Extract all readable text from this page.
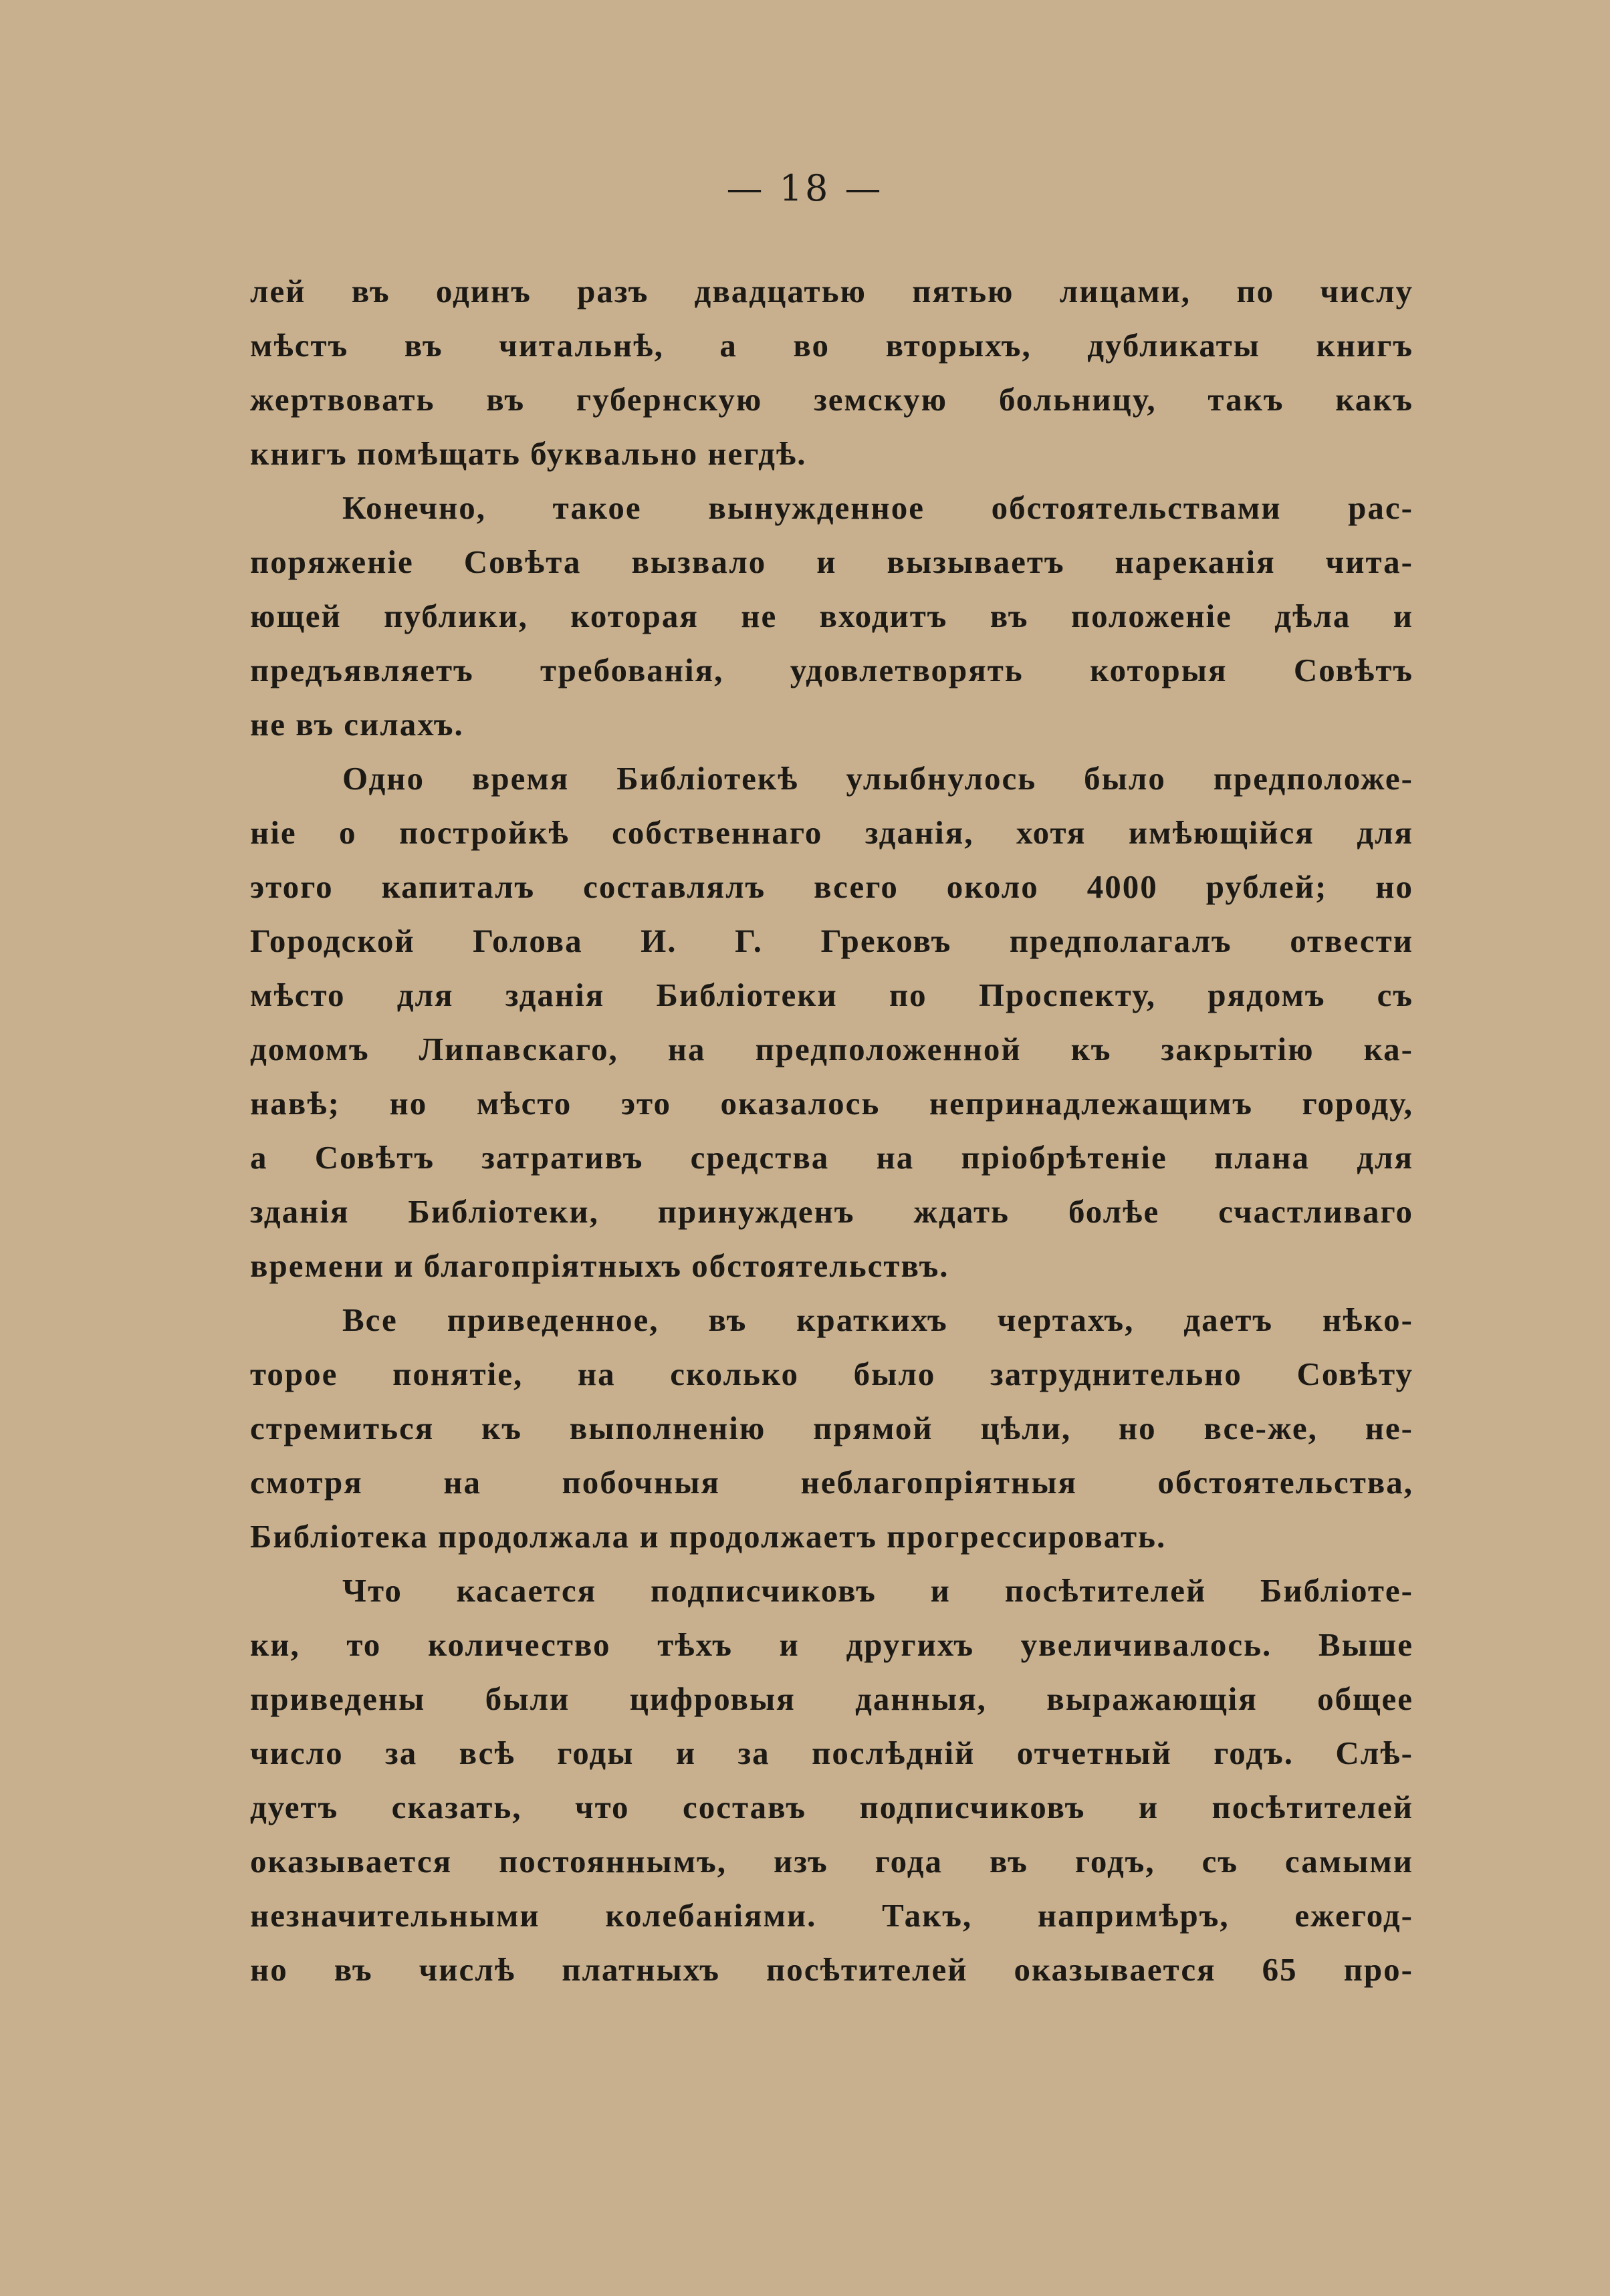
— 18 —
лей въ одинъ разъ двадцатью пятью лицами, по числу
мѣстъ въ читальнѣ, а во вторыхъ, дубликаты книгъ
жертвовать въ губернскую земскую больницу, такъ какъ
книгъ помѣщать буквально негдѣ.
Конечно, такое вынужденное обстоятельствами рас-
поряженіе Совѣта вызвало и вызываетъ нареканія чита-
ющей публики, которая не входитъ въ положеніе дѣла и
предъявляетъ требованія, удовлетворять которыя Совѣтъ
не въ силахъ.
Одно время Библіотекѣ улыбнулось было предположе-
ніе о постройкѣ собственнаго зданія, хотя имѣющійся для
этого капиталъ составлялъ всего около 4000 рублей; но
Городской Голова И. Г. Грековъ предполагалъ отвести
мѣсто для зданія Библіотеки по Проспекту, рядомъ съ
домомъ Липавскаго, на предположенной къ закрытію ка-
навѣ; но мѣсто это оказалось непринадлежащимъ городу,
а Совѣтъ затративъ средства на пріобрѣтеніе плана для
зданія Библіотеки, принужденъ ждать болѣе счастливаго
времени и благопріятныхъ обстоятельствъ.
Все приведенное, въ краткихъ чертахъ, даетъ нѣко-
торое понятіе, на сколько было затруднительно Совѣту
стремиться къ выполненію прямой цѣли, но все-же, не-
смотря на побочныя неблагопріятныя обстоятельства,
Библіотека продолжала и продолжаетъ прогрессировать.
Что касается подписчиковъ и посѣтителей Библіоте-
ки, то количество тѣхъ и другихъ увеличивалось. Выше
приведены были цифровыя данныя, выражающія общее
число за всѣ годы и за послѣдній отчетный годъ. Слѣ-
дуетъ сказать, что составъ подписчиковъ и посѣтителей
оказывается постояннымъ, изъ года въ годъ, съ самыми
незначительными колебаніями. Такъ, напримѣръ, ежегод-
но въ числѣ платныхъ посѣтителей оказывается 65 про-
